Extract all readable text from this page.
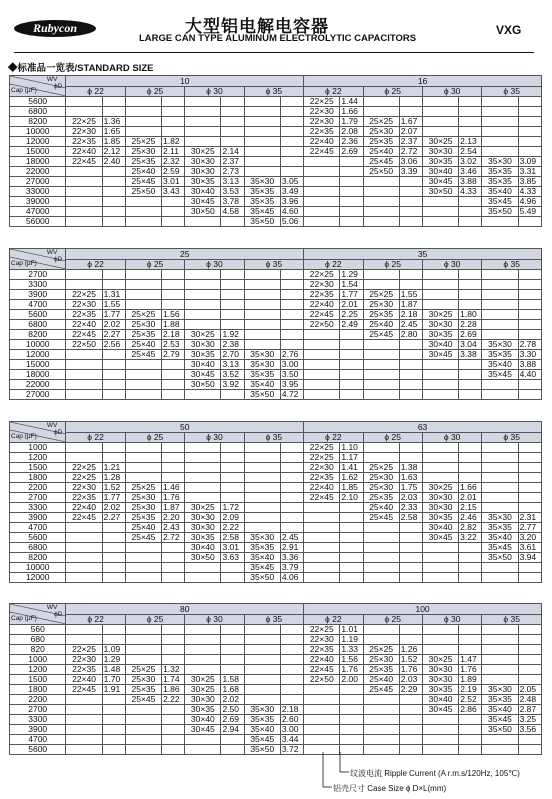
Rubycon	大型铝电解电容器
LARGE CAN TYPE ALUMINUM ELECTROLYTIC CAPACITORS
VXG
◆标准品一览表/STANDARD SIZE
WV
ϕD
Cap (μF)	10								16							
	ϕ 22		ϕ 25		ϕ 30		ϕ 35		ϕ 22		ϕ 25		ϕ 30		ϕ 35	
5600									22×25	1.44						
6800									22×30	1.66						
8200	22×25	1.36							22×30	1.79	25×25	1.67				
10000	22×30	1.65							22×35	2.08	25×30	2.07				
12000	22×35	1.85	25×25	1.82					22×40	2.36	25×35	2.37	30×25	2.13		
15000	22×40	2.12	25×30	2.11	30×25	2.14			22×45	2.69	25×40	2.72	30×30	2.54		
18000	22×45	2.40	25×35	2.32	30×30	2.37					25×45	3.06	30×35	3.02	35×30	3.09
22000			25×40	2.59	30×30	2.73					25×50	3.39	30×40	3.46	35×35	3.31
27000			25×45	3.01	30×35	3.13	35×30	3.05					30×45	3.88	35×35	3.85
33000			25×50	3.43	30×40	3.53	35×35	3.49					30×50	4.33	35×40	4.33
39000					30×45	3.78	35×35	3.96							35×45	4.96
47000					30×50	4.58	35×45	4.60							35×50	5.49
56000							35×50	5.06								
WV
ϕD
Cap (μF)	25								35							
	ϕ 22		ϕ 25		ϕ 30		ϕ 35		ϕ 22		ϕ 25		ϕ 30		ϕ 35	
2700									22×25	1.29						
3300									22×30	1.54						
3900	22×25	1.31							22×35	1.77	25×25	1.55				
4700	22×30	1.55							22×40	2.01	25×30	1.87				
5600	22×35	1.77	25×25	1.56					22×45	2.25	25×35	2.18	30×25	1.80		
6800	22×40	2.02	25×30	1.88					22×50	2.49	25×40	2.45	30×30	2.28		
8200	22×45	2.27	25×35	2.18	30×25	1.92					25×45	2.80	30×35	2.69		
10000	22×50	2.56	25×40	2.53	30×30	2.38							30×40	3.04	35×30	2.78
12000			25×45	2.79	30×35	2.70	35×30	2.76					30×45	3.38	35×35	3.30
15000					30×40	3.13	35×30	3.00							35×40	3.88
18000					30×45	3.52	35×35	3.50							35×45	4.40
22000					30×50	3.92	35×40	3.95								
27000							35×50	4.72								
WV
ϕD
Cap (μF)	50								63							
	ϕ 22		ϕ 25		ϕ 30		ϕ 35		ϕ 22		ϕ 25		ϕ 30		ϕ 35	
1000									22×25	1.10						
1200									22×25	1.17						
1500	22×25	1.21							22×30	1.41	25×25	1.38				
1800	22×25	1.28							22×35	1.62	25×30	1.63				
2200	22×30	1.52	25×25	1.46					22×40	1.85	25×30	1.75	30×25	1.66		
2700	22×35	1.77	25×30	1.76					22×45	2.10	25×35	2.03	30×30	2.01		
3300	22×40	2.02	25×30	1.87	30×25	1.72					25×40	2.33	30×30	2.15		
3900	22×45	2.27	25×35	2.20	30×30	2.09					25×45	2.58	30×35	2.46	35×30	2.31
4700			25×40	2.43	30×30	2.22							30×40	2.82	35×35	2.77
5600			25×45	2.72	30×35	2.58	35×30	2.45					30×45	3.22	35×40	3.20
6800					30×40	3.01	35×35	2.91							35×45	3.61
8200					30×50	3.63	35×40	3.36							35×50	3.94
10000							35×45	3.79								
12000							35×50	4.06								
WV
ϕD
Cap (μF)	80								100							
	ϕ 22		ϕ 25		ϕ 30		ϕ 35		ϕ 22		ϕ 25		ϕ 30		ϕ 35	
560									22×25	1.01						
680									22×30	1.19						
820	22×25	1.09							22×35	1.33	25×25	1.26				
1000	22×30	1.29							22×40	1.56	25×30	1.52	30×25	1.47		
1200	22×35	1.48	25×25	1.32					22×45	1.76	25×35	1.76	30×30	1.76		
1500	22×40	1.70	25×30	1.74	30×25	1.58			22×50	2.00	25×40	2.03	30×30	1.89		
1800	22×45	1.91	25×35	1.86	30×25	1.68					25×45	2.29	30×35	2.19	35×30	2.05
2200			25×45	2.22	30×30	2.02							30×40	2.52	35×35	2.48
2700					30×35	2.50	35×30	2.18					30×45	2.86	35×40	2.87
3300					30×40	2.69	35×35	2.60							35×45	3.25
3900					30×45	2.94	35×40	3.00							35×50	3.56
4700							35×45	3.44								
5600							35×50	3.72								
纹波电流 Ripple Current (A r.m.s/120Hz, 105℃)
铝壳尺寸 Case Size ϕ D×L(mm)
